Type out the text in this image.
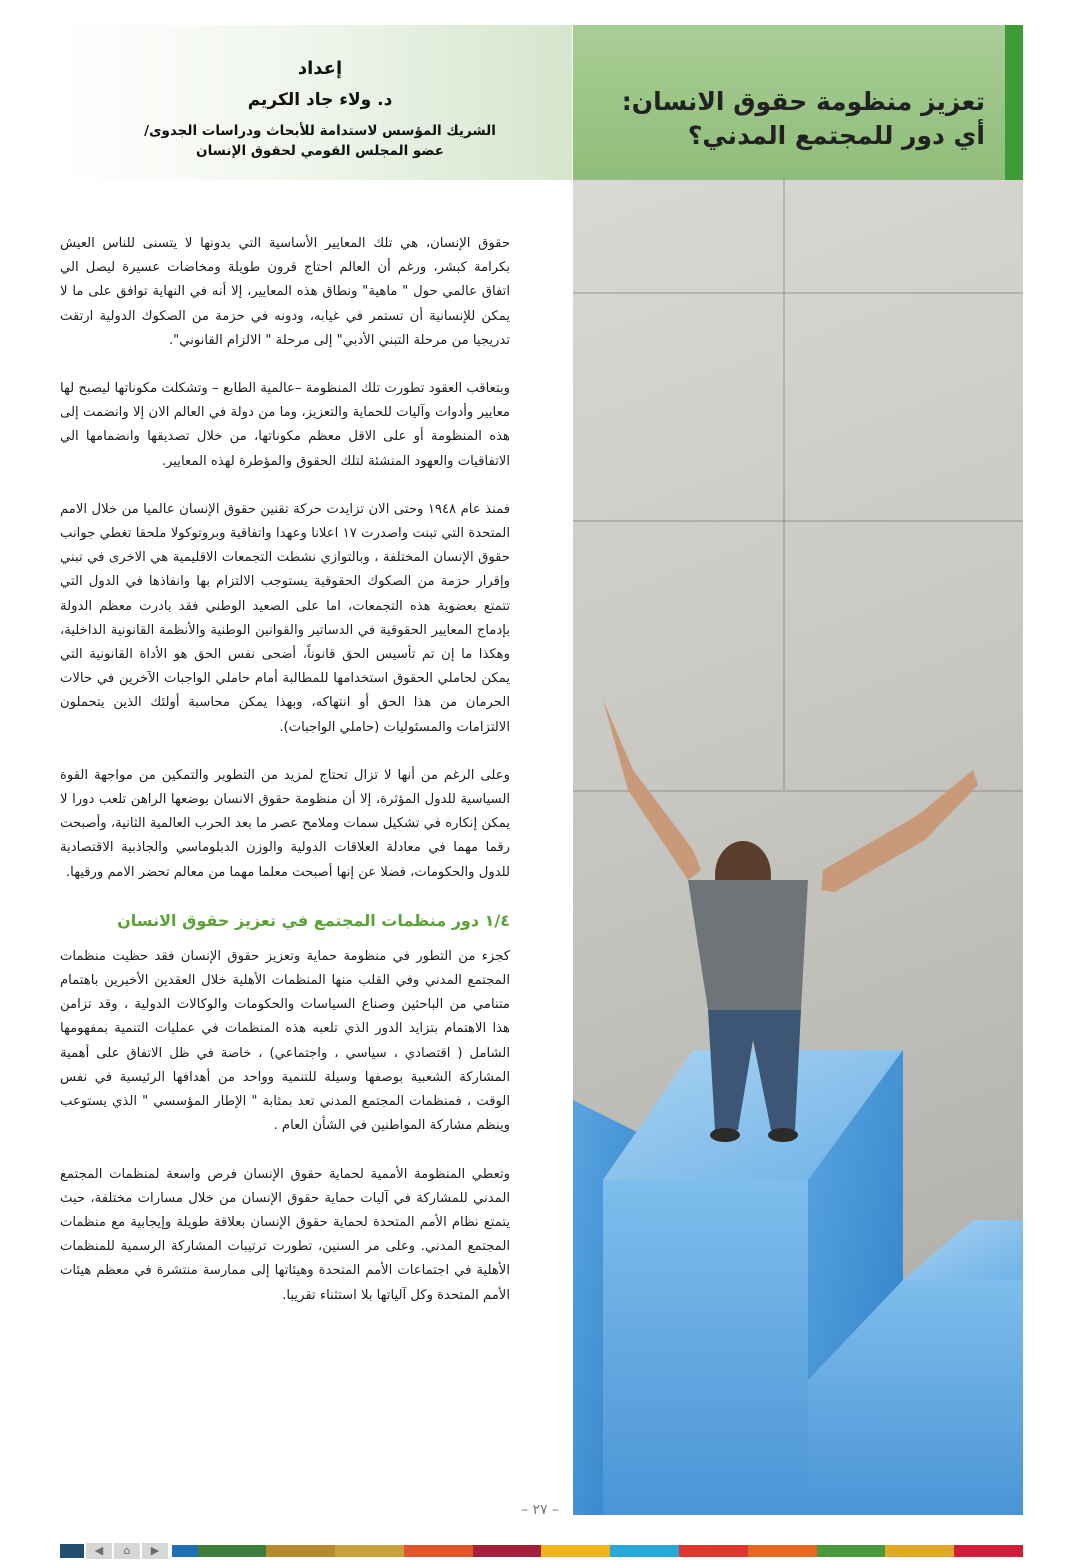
تعزيز منظومة حقوق الانسان:
أي دور للمجتمع المدني؟
إعداد
د. ولاء جاد الكريم
الشريك المؤسس لاستدامة للأبحاث ودراسات الجدوى/
عضو المجلس القومي لحقوق الإنسان

حقوق الإنسان، هي تلك المعايير الأساسية التي بدونها لا يتسنى للناس العيش بكرامة كبشر، ورغم أن العالم احتاج قرون طويلة ومخاضات عسيرة ليصل الي اتفاق عالمي حول " ماهية" ونطاق هذه المعايير، إلا أنه في النهاية توافق على ما لا يمكن للإنسانية أن تستمر في غيابه، ودونه في حزمة من الصكوك الدولية ارتقت تدريجيا من مرحلة التبني الأدبي" إلى مرحلة " الالزام القانوني".

وبتعاقب العقود تطورت تلك المنظومة –عالمية الطابع – وتشكلت مكوناتها ليصبح لها معايير وأدوات وآليات للحماية والتعزيز، وما من دولة في العالم الان إلا وانضمت إلى هذه المنظومة أو على الاقل معظم مكوناتها، من خلال تصديقها وانضمامها الي الاتفاقيات والعهود المنشئة لتلك الحقوق والمؤطرة لهذه المعايير.

فمنذ عام ١٩٤٨ وحتى الان تزايدت حركة تقنين حقوق الإنسان عالميا من خلال الامم المتحدة التي تبنت واصدرت ١٧ اعلانا وعهدا واتفاقية وبروتوكولا ملحقا تغطي جوانب حقوق الإنسان المختلفة ، وبالتوازي نشطت التجمعات الاقليمية هي الاخرى في تبني وإقرار حزمة من الصكوك الحقوقية يستوجب الالتزام بها وانفاذها في الدول التي تتمتع بعضوية هذه التجمعات، اما على الصعيد الوطني فقد بادرت معظم الدولة بإدماج المعايير الحقوقية في الدساتير والقوانين الوطنية والأنظمة القانونية الداخلية، وهكذا ما إن تم تأسيس الحق قانوناً، أضحى نفس الحق هو الأداة القانونية التي يمكن لحاملي الحقوق استخدامها للمطالبة أمام حاملي الواجبات الآخرين في حالات الحرمان من هذا الحق أو انتهاكه، وبهذا يمكن محاسبة أولئك الذين يتحملون الالتزامات والمسئوليات (حاملي الواجبات).

وعلى الرغم من أنها لا تزال تحتاج لمزيد من التطوير والتمكين من مواجهة القوة السياسية للدول المؤثرة، إلا أن منظومة حقوق الانسان بوضعها الراهن تلعب دورا لا يمكن إنكاره في تشكيل سمات وملامح عصر ما بعد الحرب العالمية الثانية، وأصبحت رقما مهما في معادلة العلاقات الدولية والوزن الدبلوماسي والجاذبية الاقتصادية للدول والحكومات، فضلا عن إنها أصبحت معلما مهما من معالم تحضر الامم ورقيها.

١/٤ دور منظمات المجتمع في تعزيز حقوق الانسان

كجزء من التطور في منظومة حماية وتعزيز حقوق الإنسان فقد حظيت منظمات المجتمع المدني وفي القلب منها المنظمات الأهلية خلال العقدين الأخيرين باهتمام متنامي من الباحثين وصناع السياسات والحكومات والوكالات الدولية ، وقد تزامن هذا الاهتمام بتزايد الدور الذي تلعبه هذه المنظمات في عمليات التنمية بمفهومها الشامل ( اقتصادي ، سياسي ، واجتماعي) ، خاصة في ظل الاتفاق على أهمية المشاركة الشعبية بوصفها وسيلة للتنمية وواحد من أهدافها الرئيسية في نفس الوقت ، فمنظمات المجتمع المدني تعد بمثابة " الإطار المؤسسي " الذي يستوعب وينظم مشاركة المواطنين في الشأن العام .

وتعطي المنظومة الأممية لحماية حقوق الإنسان فرص واسعة لمنظمات المجتمع المدني للمشاركة في آليات حماية حقوق الإنسان من خلال مسارات مختلفة، حيث يتمتع نظام الأمم المتحدة لحماية حقوق الإنسان بعلاقة طويلة وإيجابية مع منظمات المجتمع المدني. وعلى مر السنين، تطورت ترتيبات المشاركة الرسمية للمنظمات الأهلية في اجتماعات الأمم المتحدة وهيئاتها إلى ممارسة منتشرة في معظم هيئات الأمم المتحدة وكل آلياتها بلا استثناء تقريبا.

– ٢٧ –
◀	⌂	▶
